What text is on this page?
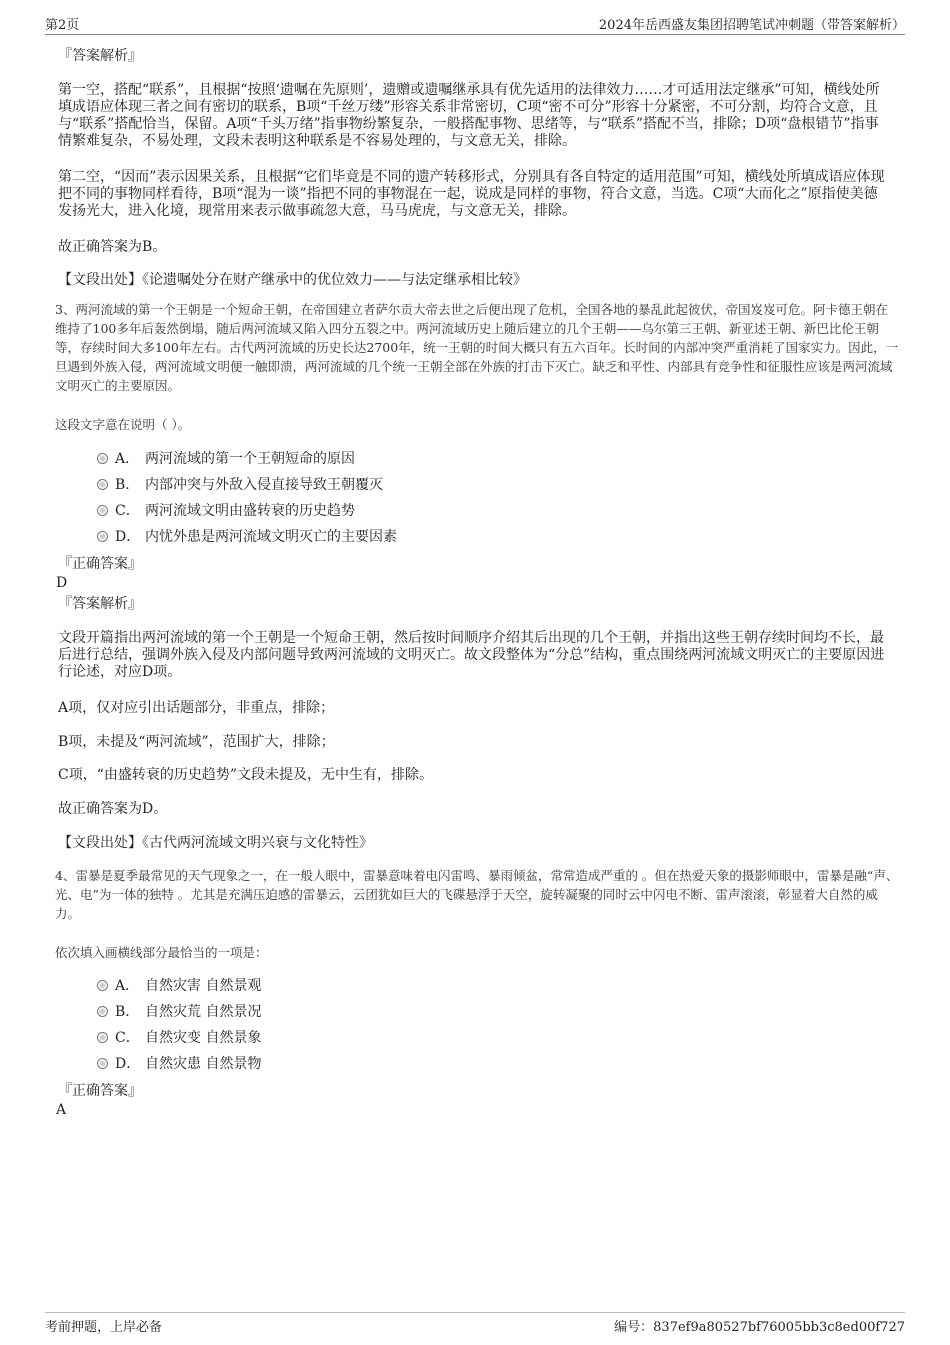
第2页	2024年岳西盛友集团招聘笔试冲刺题（带答案解析）
『答案解析』
第一空，搭配“联系”，且根据“按照‘遗嘱在先原则’，遗赠或遗嘱继承具有优先适用的法律效力……才可适用法定继承”可知，横线处所填成语应体现三者之间有密切的联系，B项“千丝万缕”形容关系非常密切，C项“密不可分”形容十分紧密，不可分割，均符合文意，且与“联系”搭配恰当，保留。A项“千头万绪”指事物纷繁复杂，一般搭配事物、思绪等，与“联系”搭配不当，排除；D项“盘根错节”指事情繁难复杂，不易处理，文段未表明这种联系是不容易处理的，与文意无关，排除。
第二空，“因而”表示因果关系，且根据“它们毕竟是不同的遗产转移形式，分别具有各自特定的适用范围”可知，横线处所填成语应体现把不同的事物同样看待，B项“混为一谈”指把不同的事物混在一起，说成是同样的事物，符合文意，当选。C项“大而化之”原指使美德发扬光大，进入化境，现常用来表示做事疏忽大意，马马虎虎，与文意无关，排除。
故正确答案为B。
【文段出处】《论遗嘱处分在财产继承中的优位效力——与法定继承相比较》
3、两河流域的第一个王朝是一个短命王朝，在帝国建立者萨尔贡大帝去世之后便出现了危机，全国各地的暴乱此起彼伏，帝国岌岌可危。阿卡德王朝在维持了100多年后轰然倒塌，随后两河流域又陷入四分五裂之中。两河流域历史上随后建立的几个王朝——乌尔第三王朝、新亚述王朝、新巴比伦王朝等，存续时间大多100年左右。古代两河流域的历史长达2700年，统一王朝的时间大概只有五六百年。长时间的内部冲突严重消耗了国家实力。因此，一旦遇到外族入侵，两河流域文明便一触即溃，两河流域的几个统一王朝全部在外族的打击下灭亡。缺乏和平性、内部具有竞争性和征服性应该是两河流域文明灭亡的主要原因。
这段文字意在说明（ ）。
A． 两河流域的第一个王朝短命的原因
B． 内部冲突与外敌入侵直接导致王朝覆灭
C． 两河流域文明由盛转衰的历史趋势
D． 内忧外患是两河流域文明灭亡的主要因素
『正确答案』
D
『答案解析』
文段开篇指出两河流域的第一个王朝是一个短命王朝，然后按时间顺序介绍其后出现的几个王朝，并指出这些王朝存续时间均不长，最后进行总结，强调外族入侵及内部问题导致两河流域的文明灭亡。故文段整体为“分总”结构，重点围绕两河流域文明灭亡的主要原因进行论述，对应D项。
A项，仅对应引出话题部分，非重点，排除；
B项，未提及“两河流域”，范围扩大，排除；
C项，“由盛转衰的历史趋势”文段未提及，无中生有，排除。
故正确答案为D。
【文段出处】《古代两河流域文明兴衰与文化特性》
4、雷暴是夏季最常见的天气现象之一，在一般人眼中，雷暴意味着电闪雷鸣、暴雨倾盆，常常造成严重的 。但在热爱天象的摄影师眼中，雷暴是融“声、光、电”为一体的独特 。尤其是充满压迫感的雷暴云，云团犹如巨大的飞碟悬浮于天空，旋转凝聚的同时云中闪电不断、雷声滚滚，彰显着大自然的威力。
依次填入画横线部分最恰当的一项是：
A． 自然灾害 自然景观
B． 自然灾荒 自然景况
C． 自然灾变 自然景象
D． 自然灾患 自然景物
『正确答案』
A
考前押题，上岸必备	编号：837ef9a80527bf76005bb3c8ed00f727
